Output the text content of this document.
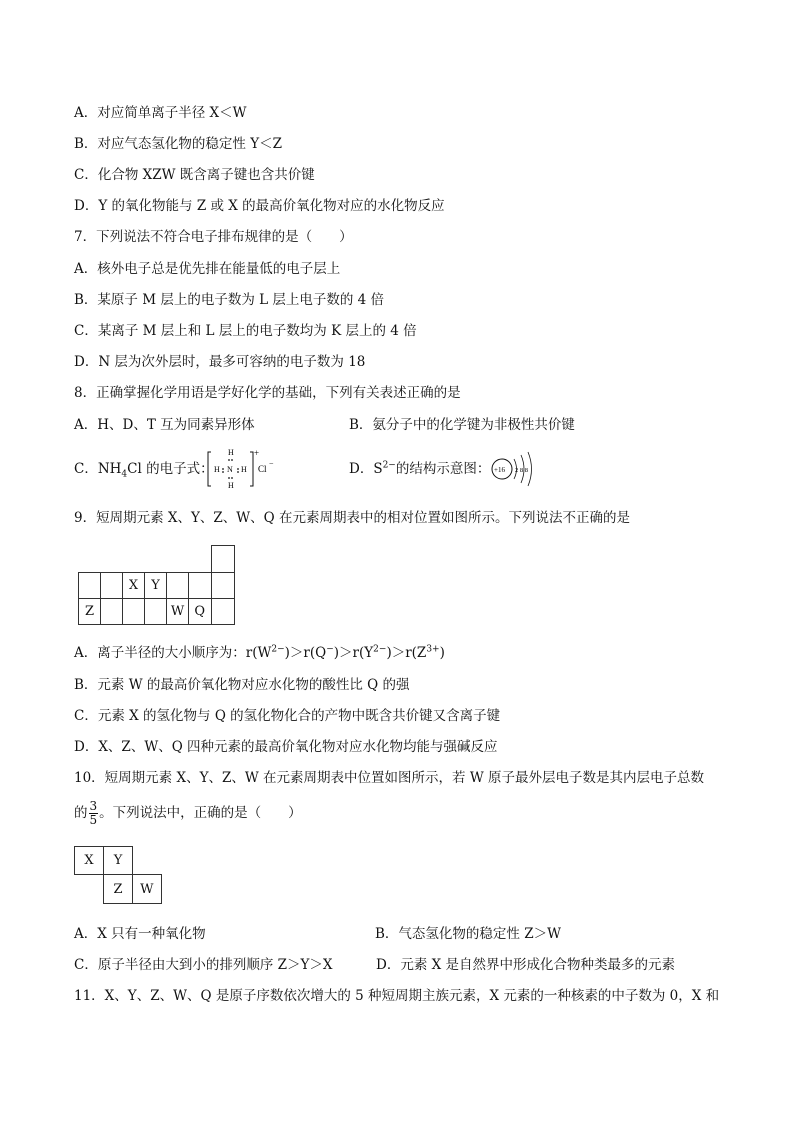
A．对应简单离子半径 X＜W
B．对应气态氢化物的稳定性 Y＜Z
C．化合物 XZW 既含离子键也含共价键
D．Y 的氧化物能与 Z 或 X 的最高价氧化物对应的水化物反应
7．下列说法不符合电子排布规律的是（　　）
A．核外电子总是优先排在能量低的电子层上
B．某原子 M 层上的电子数为 L 层上电子数的 4 倍
C．某离子 M 层上和 L 层上的电子数均为 K 层上的 4 倍
D．N 层为次外层时，最多可容纳的电子数为 18
8．正确掌握化学用语是学好化学的基础，下列有关表述正确的是
A．H、D、T 互为同素异形体	B．氨分子中的化学键为非极性共价键
C．$NH_4Cl$ 的电子式：
H
H N H
H
+
Cl
−	D．$S^{2-}$的结构示意图： +16 2 8 8
9．短周期元素 X、Y、Z、W、Q 在元素周期表中的相对位置如图所示。下列说法不正确的是

		X	Y			
Z				W	Q	
A．离子半径的大小顺序为：$r(W^{2-})>r(Q^-)>r(Y^{2-})>r(Z^{3+})$
B．元素 W 的最高价氧化物对应水化物的酸性比 Q 的强
C．元素 X 的氢化物与 Q 的氢化物化合的产物中既含共价键又含离子键
D．X、Z、W、Q 四种元素的最高价氧化物对应水化物均能与强碱反应
10．短周期元素 X、Y、Z、W 在元素周期表中位置如图所示，若 W 原子最外层电子数是其内层电子总数
的 $\frac{3}{5}$ 。下列说法中，正确的是（　　）
X	Y	
	Z	W
A．X 只有一种氧化物	B．气态氢化物的稳定性 Z＞W
C．原子半径由大到小的排列顺序 Z＞Y＞X	D．元素 X 是自然界中形成化合物种类最多的元素
11．X、Y、Z、W、Q 是原子序数依次增大的 5 种短周期主族元素，X 元素的一种核素的中子数为 0，X 和
